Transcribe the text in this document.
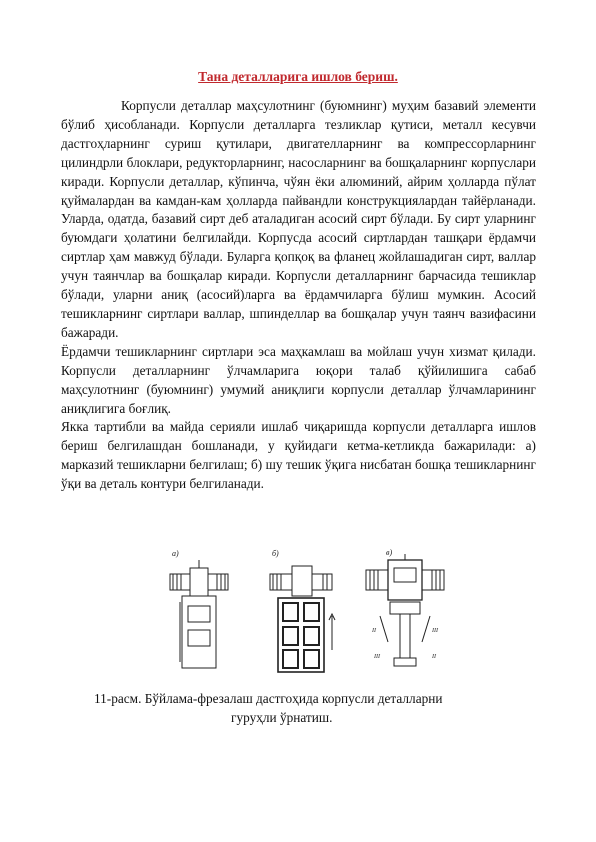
Тана деталларига ишлов бериш.

Корпусли деталлар маҳсулотнинг (буюмнинг) муҳим базавий элементи бўлиб ҳисобланади. Корпусли деталларга тезликлар қутиси, металл кесувчи дастгоҳларнинг суриш қутилари, двигателларнинг ва компрессорларнинг цилиндрли блоклари, редукторларнинг, насосларнинг ва бошқаларнинг корпуслари киради. Корпусли деталлар, кўпинча, чўян ёки алюминий, айрим ҳолларда пўлат қуймалардан ва камдан-кам ҳолларда пайвандли конструкциялардан тайёрланади. Уларда, одатда, базавий сирт деб аталадиган асосий сирт бўлади. Бу сирт уларнинг буюмдаги ҳолатини белгилайди. Корпусда асосий сиртлардан ташқари ёрдамчи сиртлар ҳам мавжуд бўлади. Буларга қопқоқ ва фланец жойлашадиган сирт, валлар учун таянчлар ва бошқалар киради. Корпусли деталларнинг барчасида тешиклар бўлади, уларни аниқ (асосий)ларга ва ёрдамчиларга бўлиш мумкин. Асосий тешикларнинг сиртлари валлар, шпинделлар ва бошқалар учун таянч вазифасини бажаради.

Ёрдамчи тешикларнинг сиртлари эса маҳкамлаш ва мойлаш учун хизмат қилади. Корпусли деталларнинг ўлчамларига юқори талаб қўйилишига сабаб маҳсулотнинг (буюмнинг) умумий аниқлиги корпусли деталлар ўлчамларининг аниқлигига боғлиқ.

Якка тартибли ва майда серияли ишлаб чиқаришда корпусли деталларга ишлов бериш белгилашдан бошланади, у қуйидаги кетма-кетликда бажарилади: а) марказий тешикларни белгилаш; б) шу тешик ўқига нисбатан бошқа тешикларнинг ўқи ва деталь контури белгиланади.

а)	б)	в)
II	III
III	II
11-расм. Бўйлама-фрезалаш дастгоҳида корпусли деталларни
гуруҳли ўрнатиш.
